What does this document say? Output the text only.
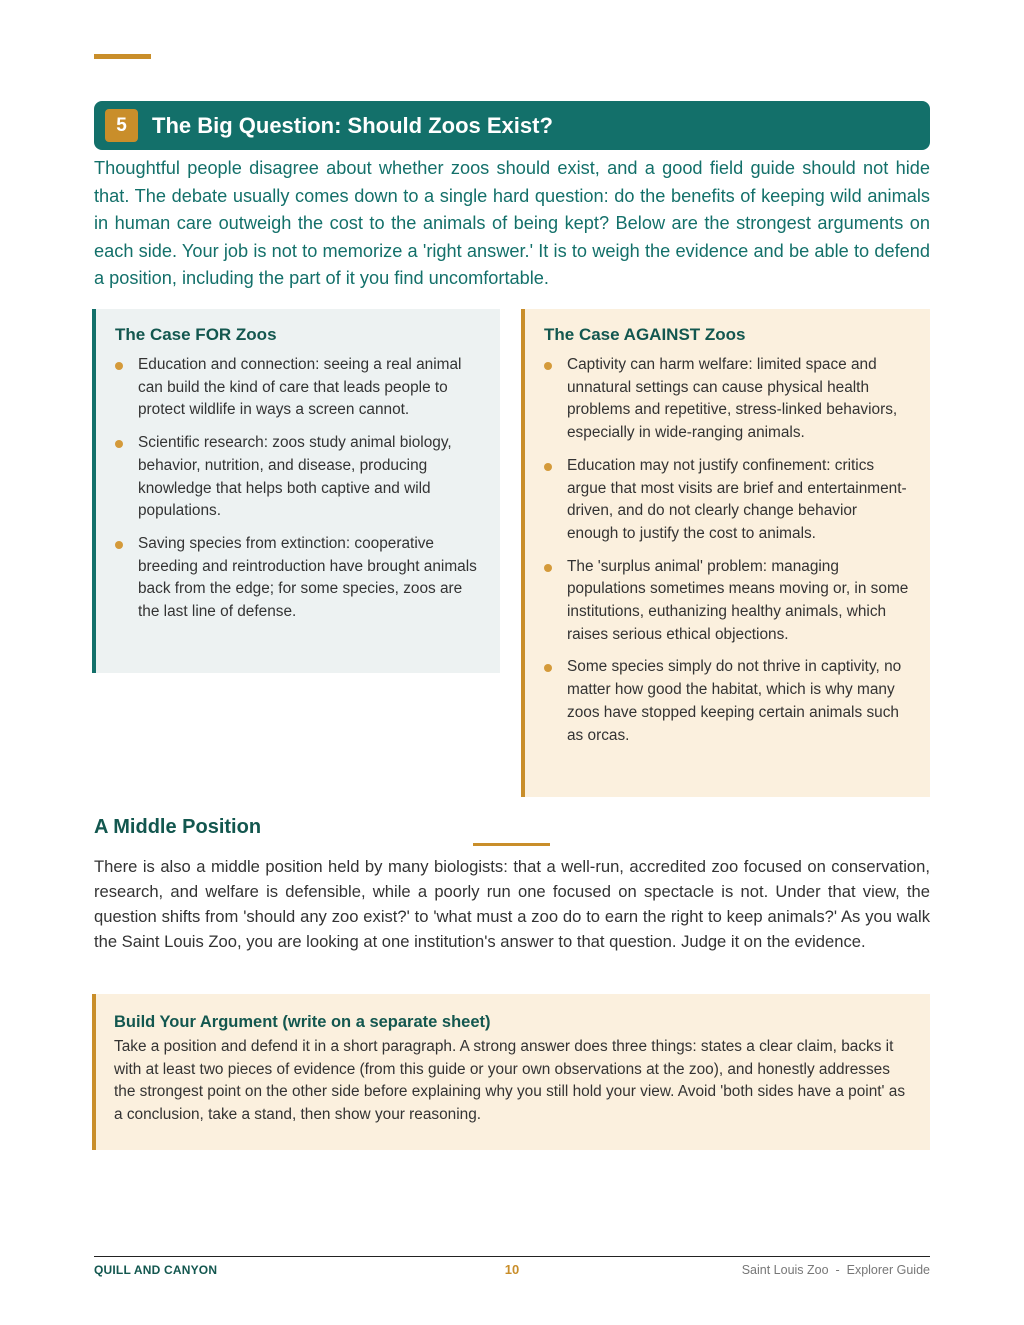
5	The Big Question: Should Zoos Exist?

Thoughtful people disagree about whether zoos should exist, and a good field guide should not hide that. The debate usually comes down to a single hard question: do the benefits of keeping wild animals in human care outweigh the cost to the animals of being kept? Below are the strongest arguments on each side. Your job is not to memorize a 'right answer.' It is to weigh the evidence and be able to defend a position, including the part of it you find uncomfortable.

The Case FOR Zoos
Education and connection: seeing a real animal can build the kind of care that leads people to protect wildlife in ways a screen cannot.
Scientific research: zoos study animal biology, behavior, nutrition, and disease, producing knowledge that helps both captive and wild populations.
Saving species from extinction: cooperative breeding and reintroduction have brought animals back from the edge; for some species, zoos are the last line of defense.
The Case AGAINST Zoos
Captivity can harm welfare: limited space and unnatural settings can cause physical health problems and repetitive, stress-linked behaviors, especially in wide-ranging animals.
Education may not justify confinement: critics argue that most visits are brief and entertainment-driven, and do not clearly change behavior enough to justify the cost to animals.
The 'surplus animal' problem: managing populations sometimes means moving or, in some institutions, euthanizing healthy animals, which raises serious ethical objections.
Some species simply do not thrive in captivity, no matter how good the habitat, which is why many zoos have stopped keeping certain animals such as orcas.
A Middle Position

There is also a middle position held by many biologists: that a well-run, accredited zoo focused on conservation, research, and welfare is defensible, while a poorly run one focused on spectacle is not. Under that view, the question shifts from 'should any zoo exist?' to 'what must a zoo do to earn the right to keep animals?' As you walk the Saint Louis Zoo, you are looking at one institution's answer to that question. Judge it on the evidence.

Build Your Argument (write on a separate sheet)

Take a position and defend it in a short paragraph. A strong answer does three things: states a clear claim, backs it with at least two pieces of evidence (from this guide or your own observations at the zoo), and honestly addresses the strongest point on the other side before explaining why you still hold your view. Avoid 'both sides have a point' as a conclusion, take a stand, then show your reasoning.

QUILL AND CANYON	10	Saint Louis Zoo  -  Explorer Guide
